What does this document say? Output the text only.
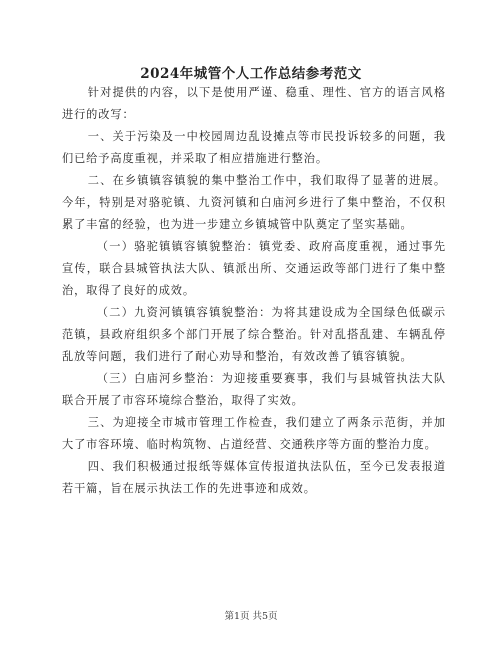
2024年城管个人工作总结参考范文

针对提供的内容，以下是使用严谨、稳重、理性、官方的语言风格进行的改写：

一、关于污染及一中校园周边乱设摊点等市民投诉较多的问题，我们已给予高度重视，并采取了相应措施进行整治。

二、在乡镇镇容镇貌的集中整治工作中，我们取得了显著的进展。今年，特别是对骆驼镇、九资河镇和白庙河乡进行了集中整治，不仅积累了丰富的经验，也为进一步建立乡镇城管中队奠定了坚实基础。

（一）骆驼镇镇容镇貌整治：镇党委、政府高度重视，通过事先宣传，联合县城管执法大队、镇派出所、交通运政等部门进行了集中整治，取得了良好的成效。

（二）九资河镇镇容镇貌整治：为将其建设成为全国绿色低碳示范镇，县政府组织多个部门开展了综合整治。针对乱搭乱建、车辆乱停乱放等问题，我们进行了耐心劝导和整治，有效改善了镇容镇貌。

（三）白庙河乡整治：为迎接重要赛事，我们与县城管执法大队联合开展了市容环境综合整治，取得了实效。

三、为迎接全市城市管理工作检查，我们建立了两条示范街，并加大了市容环境、临时构筑物、占道经营、交通秩序等方面的整治力度。

四、我们积极通过报纸等媒体宣传报道执法队伍，至今已发表报道若干篇，旨在展示执法工作的先进事迹和成效。

第1页 共5页
